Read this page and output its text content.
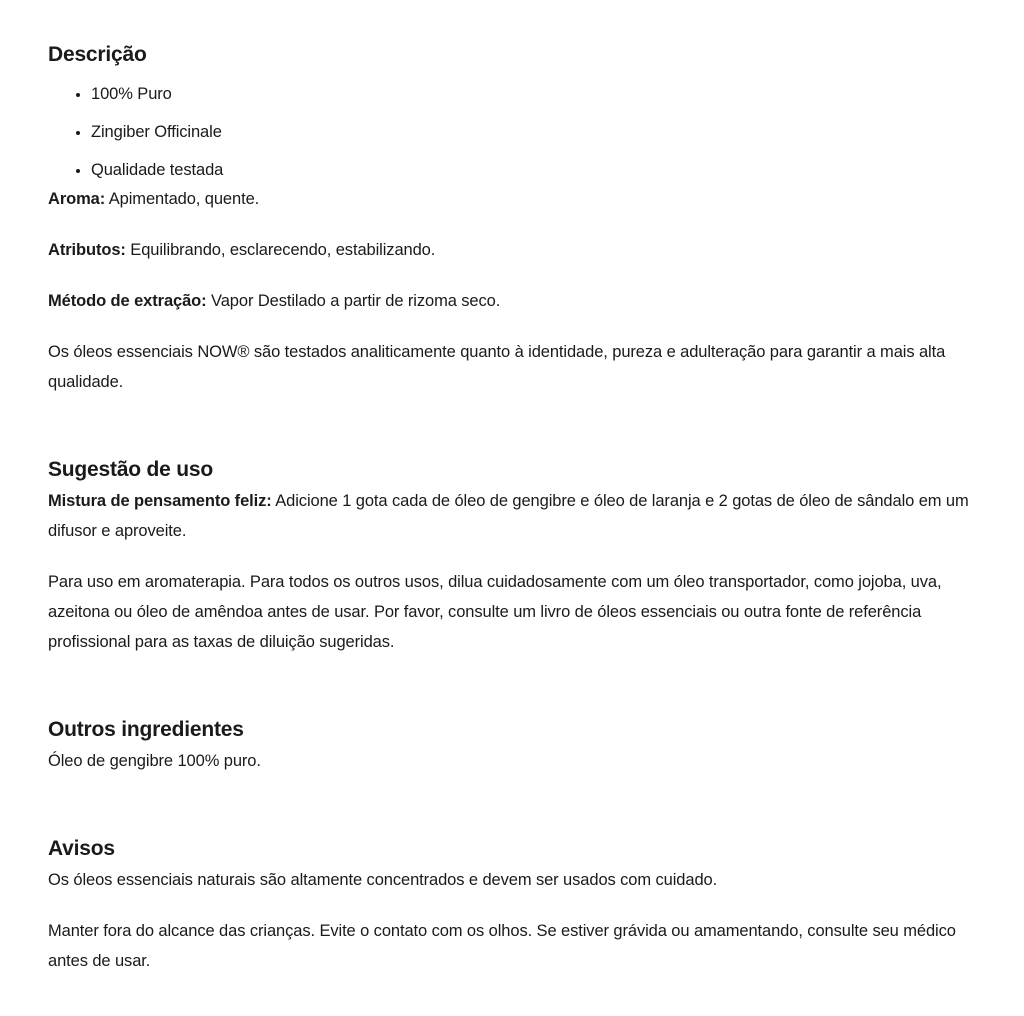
Descrição
• 100% Puro
• Zingiber Officinale
• Qualidade testada

Aroma: Apimentado, quente.

Atributos: Equilibrando, esclarecendo, estabilizando.

Método de extração: Vapor Destilado a partir de rizoma seco.

Os óleos essenciais NOW® são testados analiticamente quanto à identidade, pureza e adulteração para garantir a mais alta qualidade.

Sugestão de uso

Mistura de pensamento feliz: Adicione 1 gota cada de óleo de gengibre e óleo de laranja e 2 gotas de óleo de sândalo em um difusor e aproveite.

Para uso em aromaterapia. Para todos os outros usos, dilua cuidadosamente com um óleo transportador, como jojoba, uva, azeitona ou óleo de amêndoa antes de usar. Por favor, consulte um livro de óleos essenciais ou outra fonte de referência profissional para as taxas de diluição sugeridas.

Outros ingredientes

Óleo de gengibre 100% puro.

Avisos

Os óleos essenciais naturais são altamente concentrados e devem ser usados com cuidado.

Manter fora do alcance das crianças. Evite o contato com os olhos. Se estiver grávida ou amamentando, consulte seu médico antes de usar.
